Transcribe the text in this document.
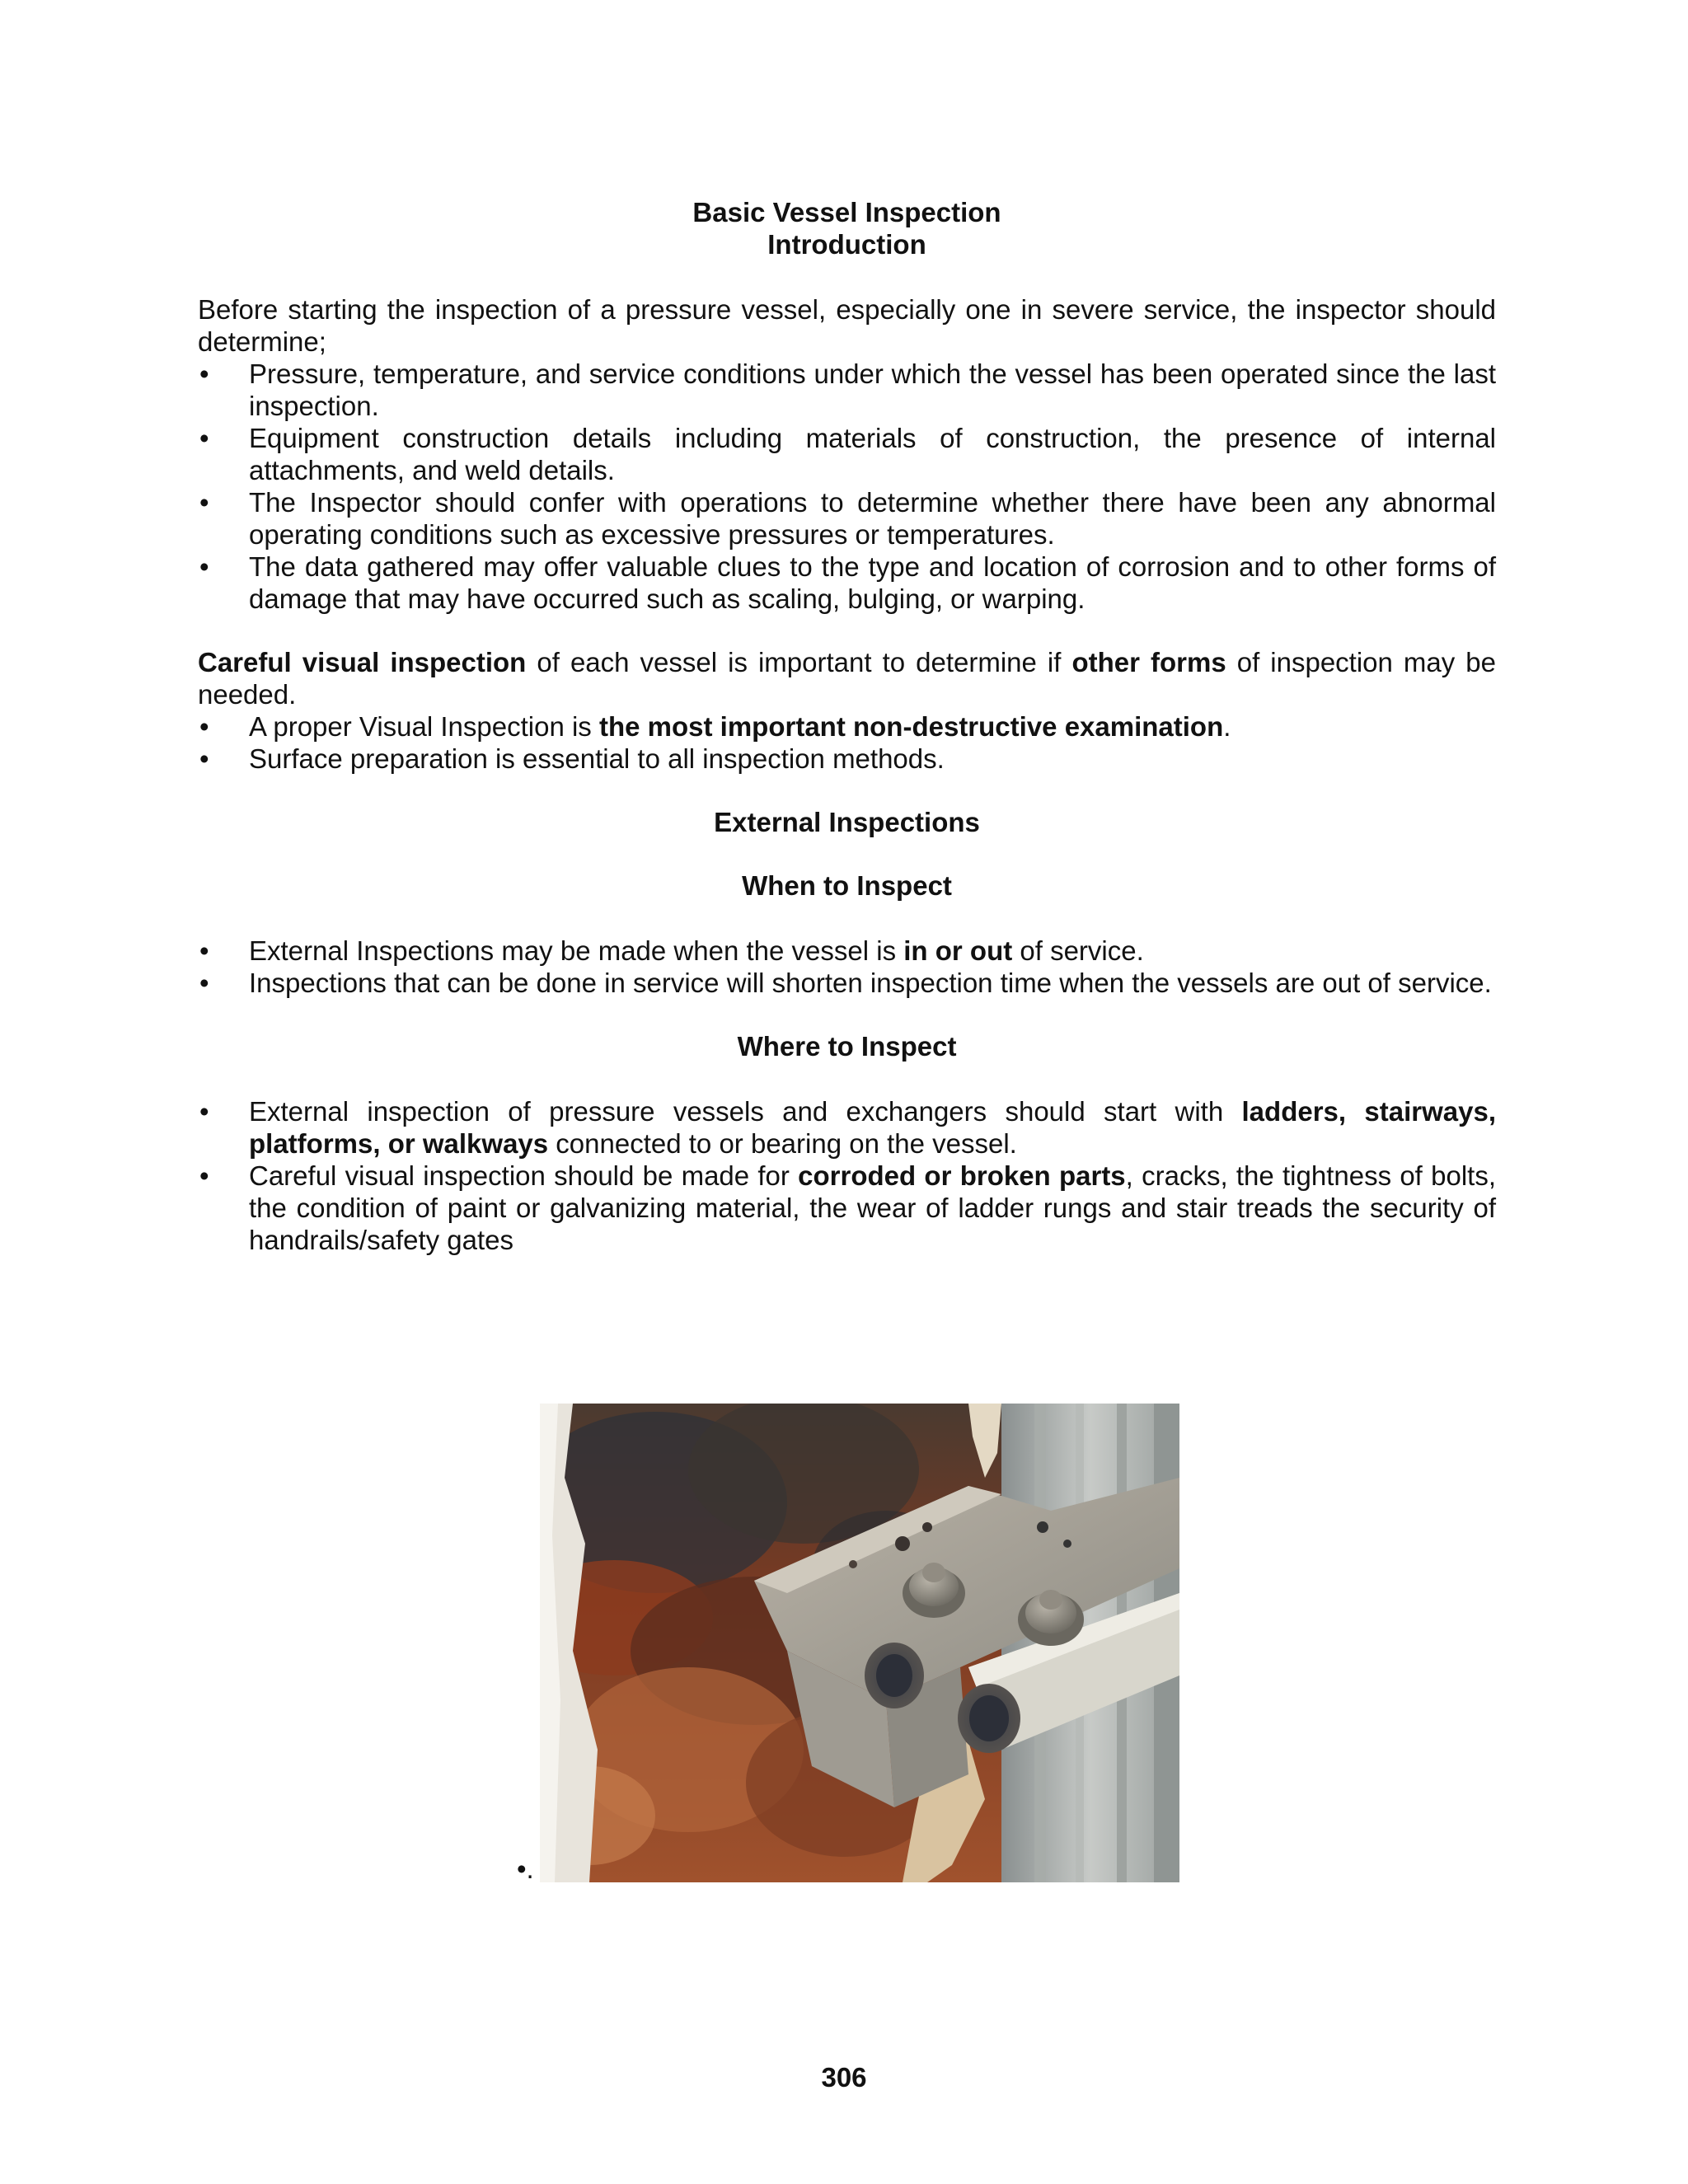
Basic Vessel Inspection
Introduction

Before starting the inspection of a pressure vessel, especially one in severe service, the inspector should determine;

•	Pressure, temperature, and service conditions under which the vessel has been operated since the last inspection.
•	Equipment construction details including materials of construction, the presence of internal attachments, and weld details.
•	The Inspector should confer with operations to determine whether there have been any abnormal operating conditions such as excessive pressures or temperatures.
•	The data gathered may offer valuable clues to the type and location of corrosion and to other forms of damage that may have occurred such as scaling, bulging, or warping.

Careful visual inspection of each vessel is important to determine if other forms of inspection may be needed.

•	A proper Visual Inspection is the most important non-destructive examination.
•	Surface preparation is essential to all inspection methods.

External Inspections

When to Inspect

•	External Inspections may be made when the vessel is in or out of service.
•	Inspections that can be done in service will shorten inspection time when the vessels are out of service.

Where to Inspect

•	External inspection of pressure vessels and exchangers should start with ladders, stairways, platforms, or walkways connected to or bearing on the vessel.
•	Careful visual inspection should be made for corroded or broken parts, cracks, the tightness of bolts, the condition of paint or galvanizing material, the wear of ladder rungs and stair treads the security of handrails/safety gates
•.
306
